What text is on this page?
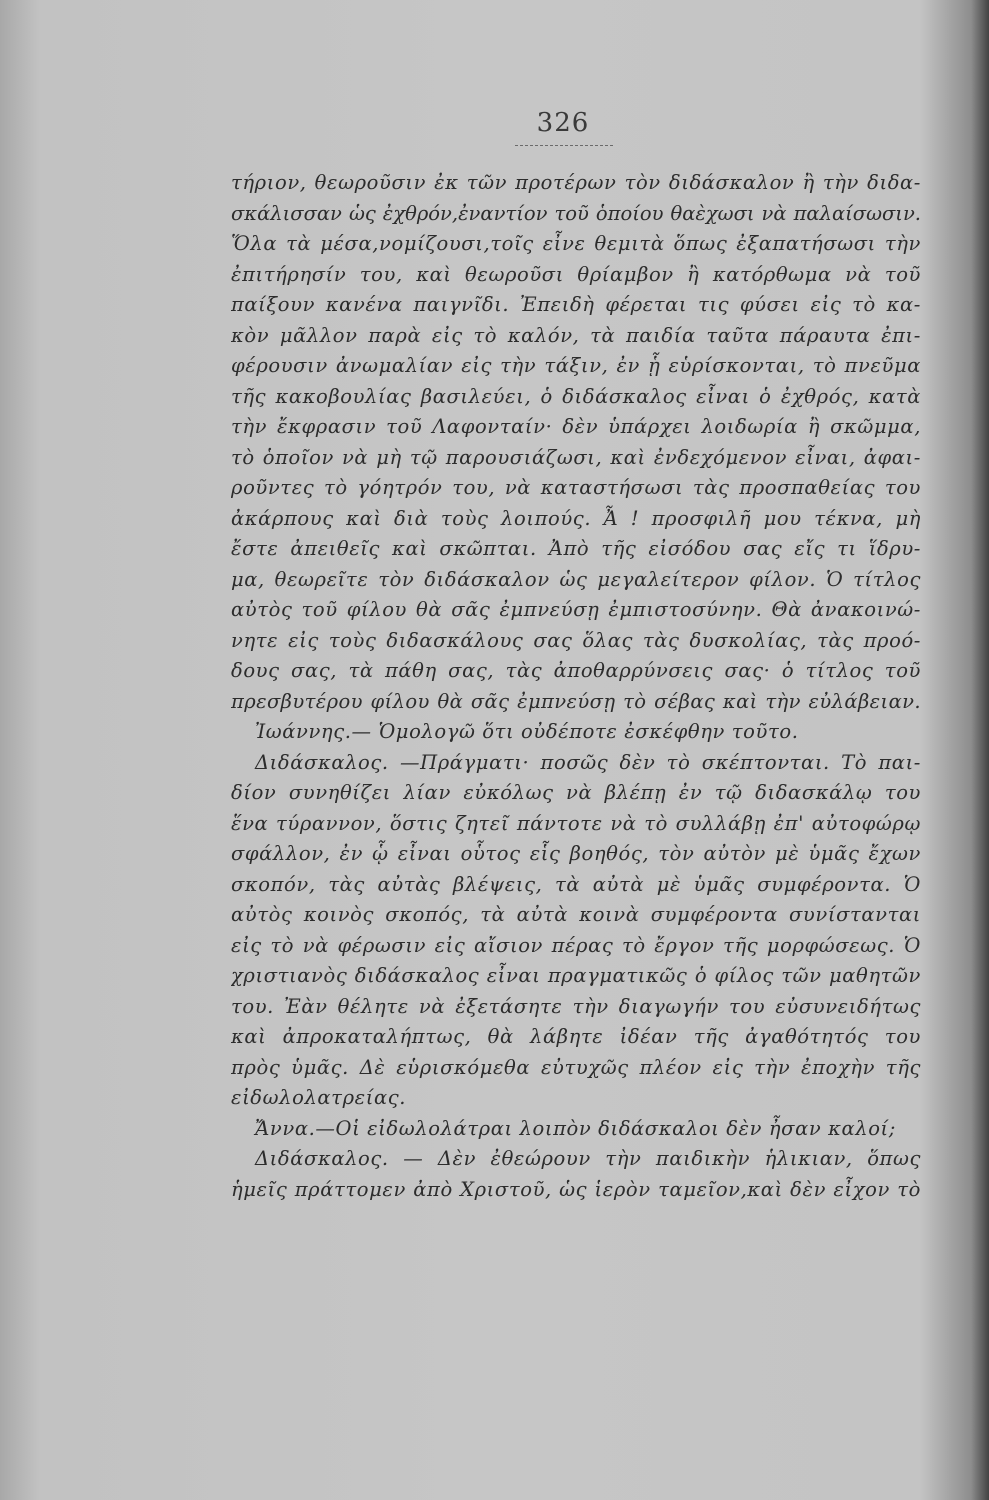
326
τήριον, θεωροῦσιν ἐκ τῶν προτέρων τὸν διδάσκαλον ἢ τὴν διδα-
σκάλισσαν ὡς ἐχθρόν,ἐναντίον τοῦ ὁποίου θαὲχωσι νὰ παλαίσωσιν.
Ὅλα τὰ μέσα,νομίζουσι,τοῖς εἶνε θεμιτὰ ὅπως ἐξαπατήσωσι τὴν
ἐπιτήρησίν του, καὶ θεωροῦσι θρίαμβον ἢ κατόρθωμα νὰ τοῦ
παίξουν κανένα παιγνῖδι. Ἐπειδὴ φέρεται τις φύσει εἰς τὸ κα-
κὸν μᾶλλον παρὰ εἰς τὸ καλόν, τὰ παιδία ταῦτα πάραυτα ἐπι-
φέρουσιν ἀνωμαλίαν εἰς τὴν τάξιν, ἐν ᾗ εὑρίσκονται, τὸ πνεῦμα
τῆς κακοβουλίας βασιλεύει, ὁ διδάσκαλος εἶναι ὁ ἐχθρός, κατὰ
τὴν ἔκφρασιν τοῦ Λαφονταίν· δὲν ὑπάρχει λοιδωρία ἢ σκῶμμα,
τὸ ὁποῖον νὰ μὴ τῷ παρουσιάζωσι, καὶ ἐνδεχόμενον εἶναι, ἀφαι-
ροῦντες τὸ γόητρόν του, νὰ καταστήσωσι τὰς προσπαθείας του
ἀκάρπους καὶ διὰ τοὺς λοιπούς. Ἆ ! προσφιλῆ μου τέκνα, μὴ
ἔστε ἀπειθεῖς καὶ σκῶπται. Ἀπὸ τῆς εἰσόδου σας εἴς τι ἵδρυ-
μα, θεωρεῖτε τὸν διδάσκαλον ὡς μεγαλείτερον φίλον. Ὁ τίτλος
αὐτὸς τοῦ φίλου θὰ σᾶς ἐμπνεύσῃ ἐμπιστοσύνην. Θὰ ἀνακοινώ-
νητε εἰς τοὺς διδασκάλους σας ὅλας τὰς δυσκολίας, τὰς προό-
δους σας, τὰ πάθη σας, τὰς ἀποθαρρύνσεις σας· ὁ τίτλος τοῦ
πρεσβυτέρου φίλου θὰ σᾶς ἐμπνεύσῃ τὸ σέβας καὶ τὴν εὐλάβειαν.
Ἰωάννης.— Ὁμολογῶ ὅτι οὐδέποτε ἐσκέφθην τοῦτο.
Διδάσκαλος. —Πράγματι· ποσῶς δὲν τὸ σκέπτονται. Τὸ παι-
δίον συνηθίζει λίαν εὐκόλως νὰ βλέπῃ ἐν τῷ διδασκάλῳ του
ἕνα τύραννον, ὅστις ζητεῖ πάντοτε νὰ τὸ συλλάβῃ ἐπ' αὐτοφώρῳ
σφάλλον, ἐν ᾧ εἶναι οὗτος εἷς βοηθός, τὸν αὐτὸν μὲ ὑμᾶς ἔχων
σκοπόν, τὰς αὐτὰς βλέψεις, τὰ αὐτὰ μὲ ὑμᾶς συμφέροντα. Ὁ
αὐτὸς κοινὸς σκοπός, τὰ αὐτὰ κοινὰ συμφέροντα συνίστανται
εἰς τὸ νὰ φέρωσιν εἰς αἴσιον πέρας τὸ ἔργον τῆς μορφώσεως. Ὁ
χριστιανὸς διδάσκαλος εἶναι πραγματικῶς ὁ φίλος τῶν μαθητῶν
του. Ἐὰν θέλητε νὰ ἐξετάσητε τὴν διαγωγήν του εὐσυνειδήτως
καὶ ἀπροκαταλήπτως, θὰ λάβητε ἰδέαν τῆς ἀγαθότητός του
πρὸς ὑμᾶς. Δὲ εὑρισκόμεθα εὐτυχῶς πλέον εἰς τὴν ἐποχὴν τῆς
εἰδωλολατρείας.
Ἄννα.—Οἱ εἰδωλολάτραι λοιπὸν διδάσκαλοι δὲν ἦσαν καλοί;
Διδάσκαλος. — Δὲν ἐθεώρουν τὴν παιδικὴν ἡλικιαν, ὅπως
ἡμεῖς πράττομεν ἀπὸ Χριστοῦ, ὡς ἱερὸν ταμεῖον,καὶ δὲν εἶχον τὸ
